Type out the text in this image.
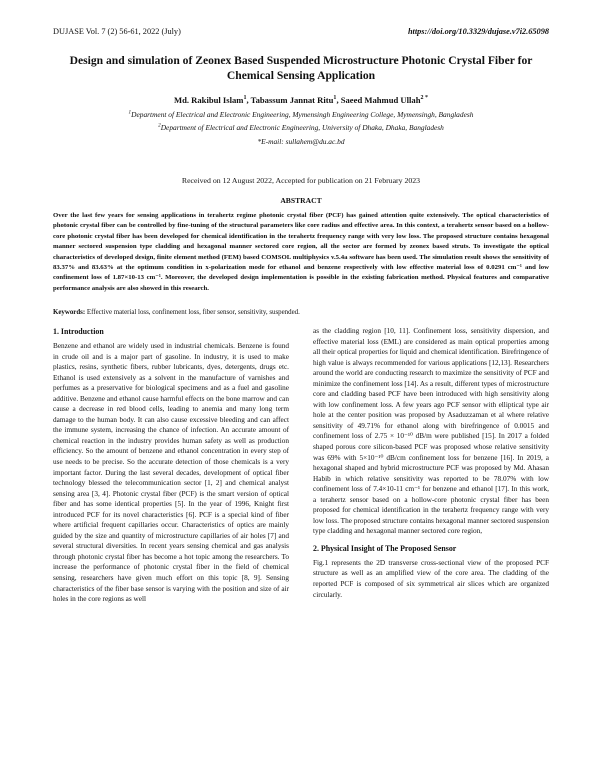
DUJASE Vol. 7 (2) 56-61, 2022 (July)	https://doi.org/10.3329/dujase.v7i2.65098
Design and simulation of Zeonex Based Suspended Microstructure Photonic Crystal Fiber for Chemical Sensing Application
Md. Rakibul Islam$^1$, Tabassum Jannat Ritu$^1$, Saeed Mahmud Ullah$^{2 *}$
$^1$Department of Electrical and Electronic Engineering, Mymensingh Engineering College, Mymensingh, Bangladesh
$^2$Department of Electrical and Electronic Engineering, University of Dhaka, Dhaka, Bangladesh
*E-mail: sullahem@du.ac.bd
Received on 12 August 2022, Accepted for publication on 21 February 2023
ABSTRACT
Over the last few years for sensing applications in terahertz regime photonic crystal fiber (PCF) has gained attention quite extensively. The optical characteristics of photonic crystal fiber can be controlled by fine-tuning of the structural parameters like core radius and effective area. In this context, a terahertz sensor based on a hollow-core photonic crystal fiber has been developed for chemical identification in the terahertz frequency range with very low loss. The proposed structure contains hexagonal manner sectored suspension type cladding and hexagonal manner sectored core region, all the sector are formed by zeonex based struts. To investigate the optical characteristics of developed design, finite element method (FEM) based COMSOL multiphysics v.5.4a software has been used. The simulation result shows the sensitivity of 83.37% and 83.63% at the optimum condition in x-polarization mode for ethanol and benzene respectively with low effective material loss of 0.0291 cm⁻¹ and low confinement loss of 1.87×10-13 cm⁻¹. Moreover, the developed design implementation is possible in the existing fabrication method. Physical features and comparative performance analysis are also showed in this research.
Keywords: Effective material loss, confinement loss, fiber sensor, sensitivity, suspended.
1. Introduction

Benzene and ethanol are widely used in industrial chemicals. Benzene is found in crude oil and is a major part of gasoline. In industry, it is used to make plastics, resins, synthetic fibers, rubber lubricants, dyes, detergents, drugs etc. Ethanol is used extensively as a solvent in the manufacture of varnishes and perfumes as a preservative for biological specimens and as a fuel and gasoline additive. Benzene and ethanol cause harmful effects on the bone marrow and can cause a decrease in red blood cells, leading to anemia and many long term damage to the human body. It can also cause excessive bleeding and can affect the immune system, increasing the chance of infection. An accurate amount of chemical reaction in the industry provides human safety as well as production efficiency. So the amount of benzene and ethanol concentration in every step of use needs to be precise. So the accurate detection of those chemicals is a very important factor. During the last several decades, development of optical fiber technology blessed the telecommunication sector [1, 2] and chemical analyst sensing area [3, 4]. Photonic crystal fiber (PCF) is the smart version of optical fiber and has some identical properties [5]. In the year of 1996, Knight first introduced PCF for its novel characteristics [6]. PCF is a special kind of fiber where artificial frequent capillaries occur. Characteristics of optics are mainly guided by the size and quantity of microstructure capillaries of air holes [7] and several structural diversities. In recent years sensing chemical and gas analysis through photonic crystal fiber has become a hot topic among the researchers. To increase the performance of photonic crystal fiber in the field of chemical sensing, researchers have given much effort on this topic [8, 9]. Sensing characteristics of the fiber base sensor is varying with the position and size of air holes in the core regions as well

as the cladding region [10, 11]. Confinement loss, sensitivity dispersion, and effective material loss (EML) are considered as main optical properties among all their optical properties for liquid and chemical identification. Birefringence of high value is always recommended for various applications [12,13]. Researchers around the world are conducting research to maximize the sensitivity of PCF and minimize the confinement loss [14]. As a result, different types of microstructure core and cladding based PCF have been introduced with high sensitivity along with low confinement loss. A few years ago PCF sensor with elliptical type air hole at the center position was proposed by Asaduzzaman et al where relative sensitivity of 49.71% for ethanol along with birefringence of 0.0015 and confinement loss of 2.75 × 10⁻¹⁰ dB/m were published [15]. In 2017 a folded shaped porous core silicon-based PCF was proposed whose relative sensitivity was 69% with 5×10⁻¹⁰ dB/cm confinement loss for benzene [16]. In 2019, a hexagonal shaped and hybrid microstructure PCF was proposed by Md. Ahasan Habib in which relative sensitivity was reported to be 78.07% with low confinement loss of 7.4×10-11 cm⁻¹ for benzene and ethanol [17]. In this work, a terahertz sensor based on a hollow-core photonic crystal fiber has been proposed for chemical identification in the terahertz frequency range with very low loss. The proposed structure contains hexagonal manner sectored suspension type cladding and hexagonal manner sectored core region,

2. Physical Insight of The Proposed Sensor

Fig.1 represents the 2D transverse cross-sectional view of the proposed PCF structure as well as an amplified view of the core area. The cladding of the reported PCF is composed of six symmetrical air slices which are organized circularly.
